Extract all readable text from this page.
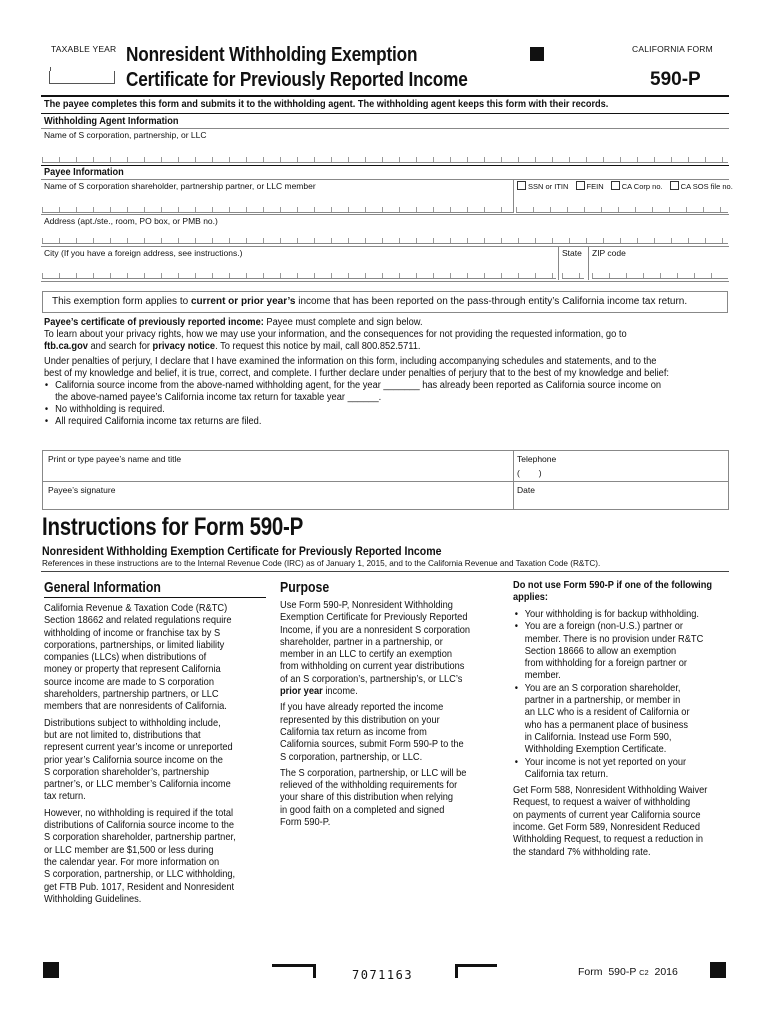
TAXABLE YEAR Nonresident Withholding Exemption
Certificate for Previously Reported Income
CALIFORNIA FORM
590-P
The payee completes this form and submits it to the withholding agent. The withholding agent keeps this form with their records.
Withholding Agent Information
Name of S corporation, partnership, or LLC
Payee Information
Name of S corporation shareholder, partnership partner, or LLC member	SSN or ITIN FEIN CA Corp no. CA SOS file no.
Address (apt./ste., room, PO box, or PMB no.)
City (If you have a foreign address, see instructions.)	State ZIP code
This exemption form applies to current or prior year’s income that has been reported on the pass-through entity’s California income tax return.
Payee’s certificate of previously reported income: Payee must complete and sign below.
To learn about your privacy rights, how we may use your information, and the consequences for not providing the requested information, go to
ftb.ca.gov and search for privacy notice. To request this notice by mail, call 800.852.5711.
Under penalties of perjury, I declare that I have examined the information on this form, including accompanying schedules and statements, and to the
best of my knowledge and belief, it is true, correct, and complete. I further declare under penalties of perjury that to the best of my knowledge and belief:
• California source income from the above-named withholding agent, for the year _______ has already been reported as California source income on
the above-named payee’s California income tax return for taxable year ______.
• No withholding is required.
• All required California income tax returns are filed.
Print or type payee’s name and title	Telephone
(        )
Payee’s signature	Date
Instructions for Form 590-P
Nonresident Withholding Exemption Certificate for Previously Reported Income
References in these instructions are to the Internal Revenue Code (IRC) as of January 1, 2015, and to the California Revenue and Taxation Code (R&TC).
General Information

California Revenue & Taxation Code (R&TC)
Section 18662 and related regulations require
withholding of income or franchise tax by S
corporations, partnerships, or limited liability
companies (LLCs) when distributions of
money or property that represent California
source income are made to S corporation
shareholders, partnership partners, or LLC
members that are nonresidents of California.

Distributions subject to withholding include,
but are not limited to, distributions that
represent current year’s income or unreported
prior year’s California source income on the
S corporation shareholder’s, partnership
partner’s, or LLC member’s California income
tax return.

However, no withholding is required if the total
distributions of California source income to the
S corporation shareholder, partnership partner,
or LLC member are $1,500 or less during
the calendar year. For more information on
S corporation, partnership, or LLC withholding,
get FTB Pub. 1017, Resident and Nonresident
Withholding Guidelines.

Purpose

Use Form 590-P, Nonresident Withholding
Exemption Certificate for Previously Reported
Income, if you are a nonresident S corporation
shareholder, partner in a partnership, or
member in an LLC to certify an exemption
from withholding on current year distributions
of an S corporation’s, partnership’s, or LLC’s
prior year income.

If you have already reported the income
represented by this distribution on your
California tax return as income from
California sources, submit Form 590-P to the
S corporation, partnership, or LLC.

The S corporation, partnership, or LLC will be
relieved of the withholding requirements for
your share of this distribution when relying
in good faith on a completed and signed
Form 590-P.

Do not use Form 590-P if one of the following
applies:
• Your withholding is for backup withholding.
• You are a foreign (non-U.S.) partner or
member. There is no provision under R&TC
Section 18666 to allow an exemption
from withholding for a foreign partner or
member.
• You are an S corporation shareholder,
partner in a partnership, or member in
an LLC who is a resident of California or
who has a permanent place of business
in California. Instead use Form 590,
Withholding Exemption Certificate.
• Your income is not yet reported on your
California tax return.

Get Form 588, Nonresident Withholding Waiver
Request, to request a waiver of withholding
on payments of current year California source
income. Get Form 589, Nonresident Reduced
Withholding Request, to request a reduction in
the standard 7% withholding rate.

7071163	Form  590-P C2  2016
